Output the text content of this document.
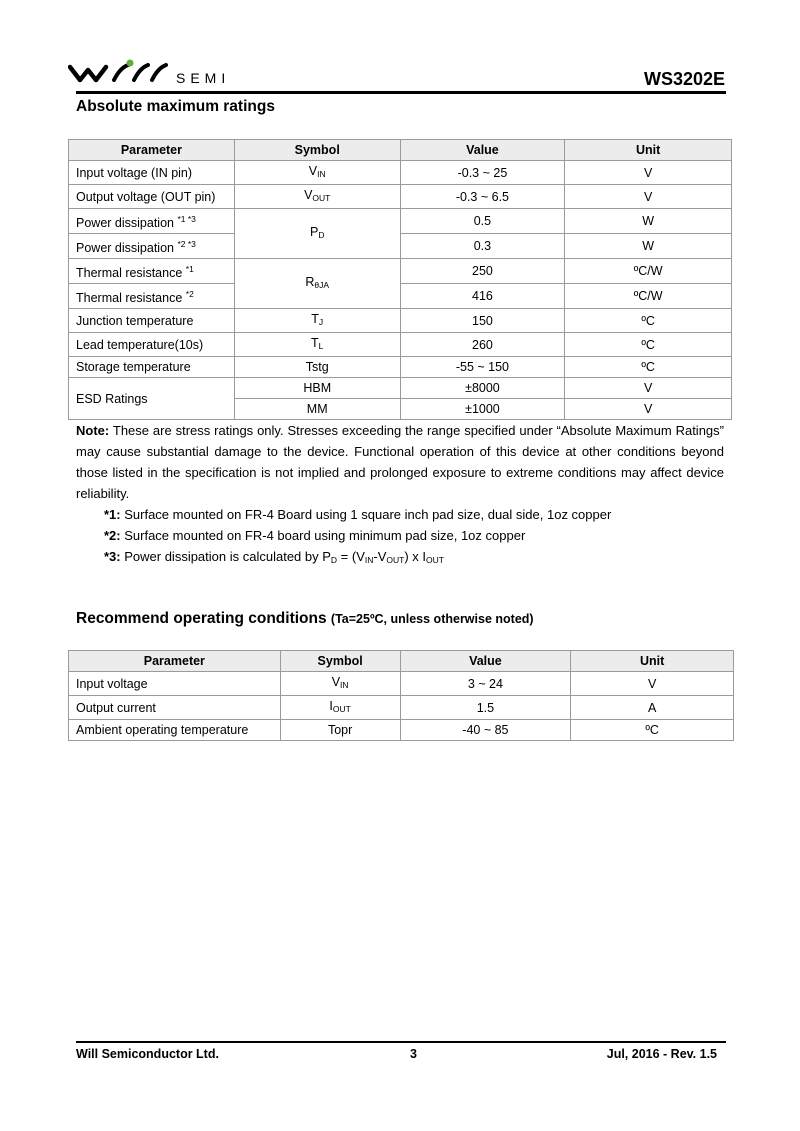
SEMI	WS3202E
Absolute maximum ratings
Parameter	Symbol	Value	Unit
Input voltage (IN pin)	$V_{IN}$	-0.3 ~ 25	V
Output voltage (OUT pin)	$V_{OUT}$	-0.3 ~ 6.5	V
Power dissipation $^{*1 *3}$	$P_D$	0.5	W
Power dissipation $^{*2 *3}$		0.3	W
Thermal resistance $^{*1}$	$R_{\theta JA}$	250	ºC/W
Thermal resistance $^{*2}$		416	ºC/W
Junction temperature	$T_J$	150	ºC
Lead temperature(10s)	$T_L$	260	ºC
Storage temperature	Tstg	-55 ~ 150	ºC
ESD Ratings	HBM	±8000	V
	MM	±1000	V
Note: These are stress ratings only. Stresses exceeding the range specified under “Absolute Maximum Ratings” may cause substantial damage to the device. Functional operation of this device at other conditions beyond those listed in the specification is not implied and prolonged exposure to extreme conditions may affect device reliability.
*1: Surface mounted on FR-4 Board using 1 square inch pad size, dual side, 1oz copper
*2: Surface mounted on FR-4 board using minimum pad size, 1oz copper
*3: Power dissipation is calculated by $P_D = (V_{IN}-V_{OUT})$ x $I_{OUT}$
Recommend operating conditions (Ta=25ºC, unless otherwise noted)
Parameter	Symbol	Value	Unit
Input voltage	$V_{IN}$	3 ~ 24	V
Output current	$I_{OUT}$	1.5	A
Ambient operating temperature	Topr	-40 ~ 85	ºC
Will Semiconductor Ltd.	3	Jul, 2016 - Rev. 1.5
